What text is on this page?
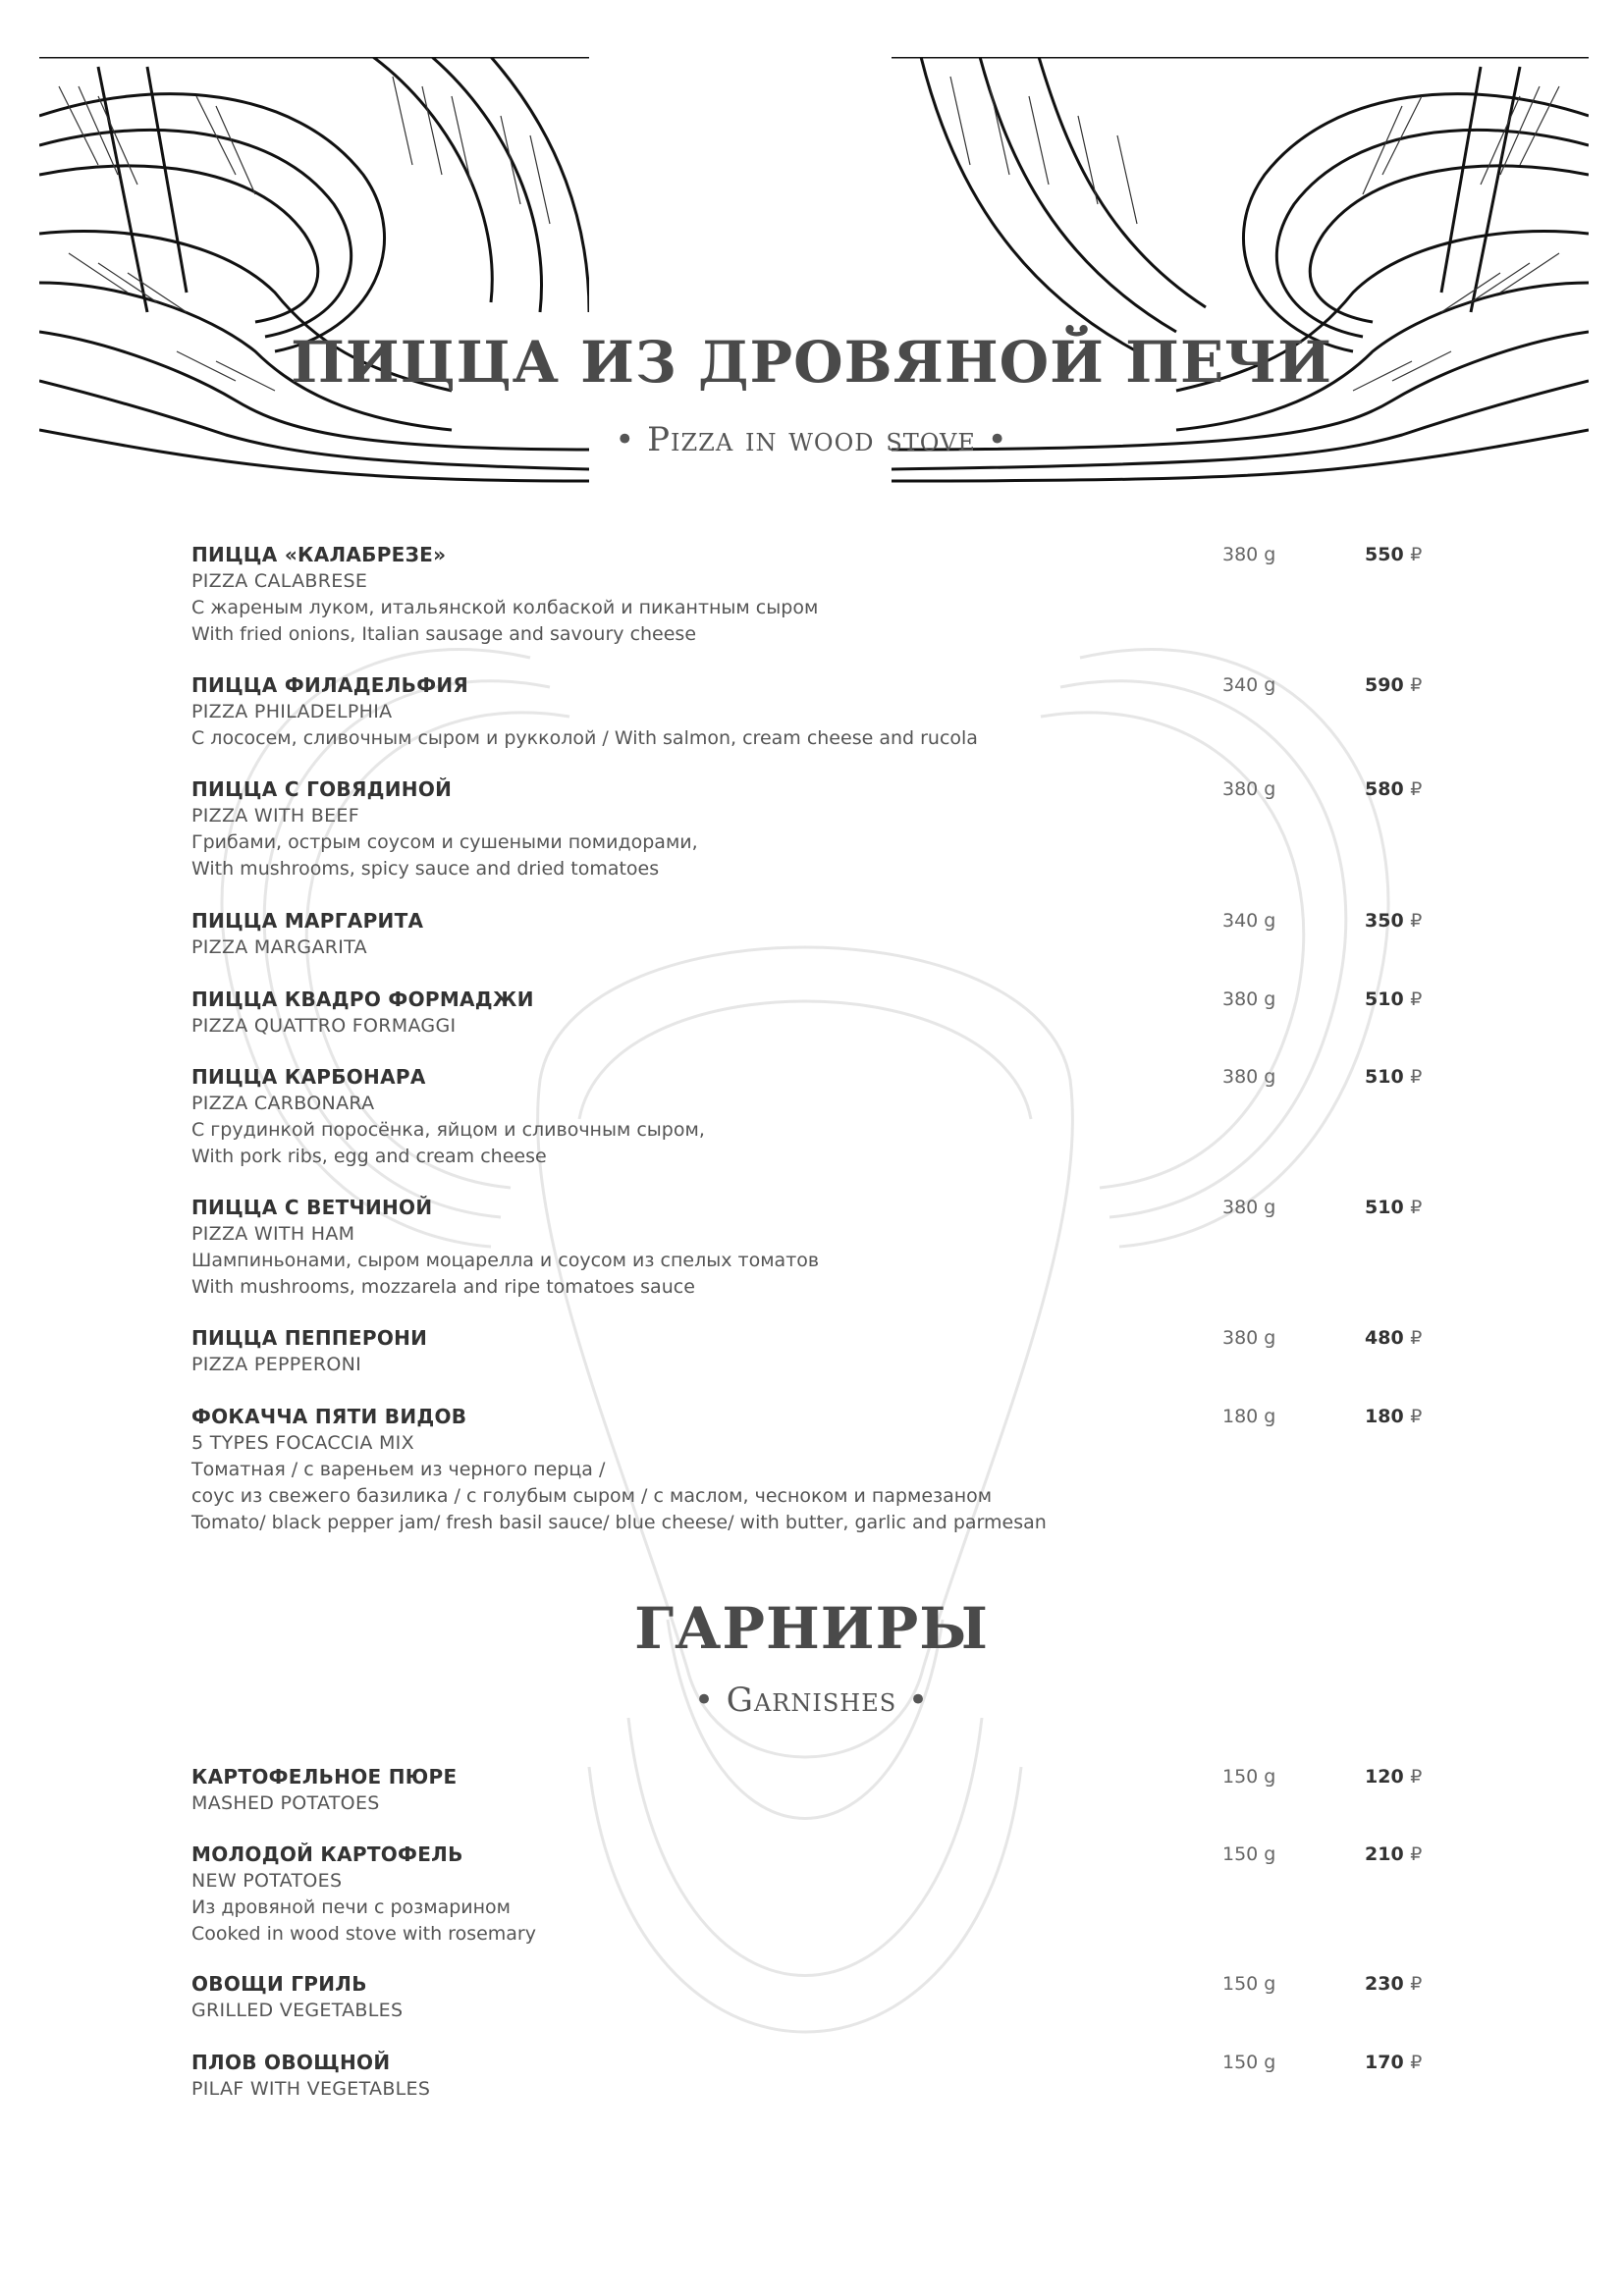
ПИЦЦА ИЗ ДРОВЯНОЙ ПЕЧИ
• Pizza in wood stove •
ПИЦЦА «КАЛАБРЕЗЕ»
PIZZA CALABRESE
С жареным луком, итальянской колбаской и пикантным сыром
With fried onions, Italian sausage and savoury cheese
380 g	550 ₽
ПИЦЦА ФИЛАДЕЛЬФИЯ
PIZZA PHILADELPHIA
С лососем, сливочным сыром и рукколой / With salmon, cream cheese and rucola
340 g	590 ₽
ПИЦЦА С ГОВЯДИНОЙ
PIZZA WITH BEEF
Грибами, острым соусом и сушеными помидорами,
With mushrooms, spicy sauce and dried tomatoes
380 g	580 ₽
ПИЦЦА МАРГАРИТА
PIZZA MARGARITA
340 g	350 ₽
ПИЦЦА КВАДРО ФОРМАДЖИ
PIZZA QUATTRO FORMAGGI
380 g	510 ₽
ПИЦЦА КАРБОНАРА
PIZZA CARBONARA
С грудинкой поросёнка, яйцом и сливочным сыром,
With pork ribs, egg and cream cheese
380 g	510 ₽
ПИЦЦА С ВЕТЧИНОЙ
PIZZA WITH HAM
Шампиньонами, сыром моцарелла и соусом из спелых томатов
With mushrooms, mozzarela and ripe tomatoes sauce
380 g	510 ₽
ПИЦЦА ПЕППЕРОНИ
PIZZA PEPPERONI
380 g	480 ₽
ФОКАЧЧА ПЯТИ ВИДОВ
5 TYPES FOCACCIA MIX
Томатная / с вареньем из черного перца /
соус из свежего базилика / с голубым сыром / с маслом, чесноком и пармезаном
Tomato/ black pepper jam/ fresh basil sauce/ blue cheese/ with butter, garlic and parmesan
180 g	180 ₽
ГАРНИРЫ
• Garnishes •
КАРТОФЕЛЬНОЕ ПЮРЕ
MASHED POTATOES
150 g	120 ₽
МОЛОДОЙ КАРТОФЕЛЬ
NEW POTATOES
Из дровяной печи с розмарином
Cooked in wood stove with rosemary
150 g	210 ₽
ОВОЩИ ГРИЛЬ
GRILLED VEGETABLES
150 g	230 ₽
ПЛОВ ОВОЩНОЙ
PILAF WITH VEGETABLES
150 g	170 ₽
